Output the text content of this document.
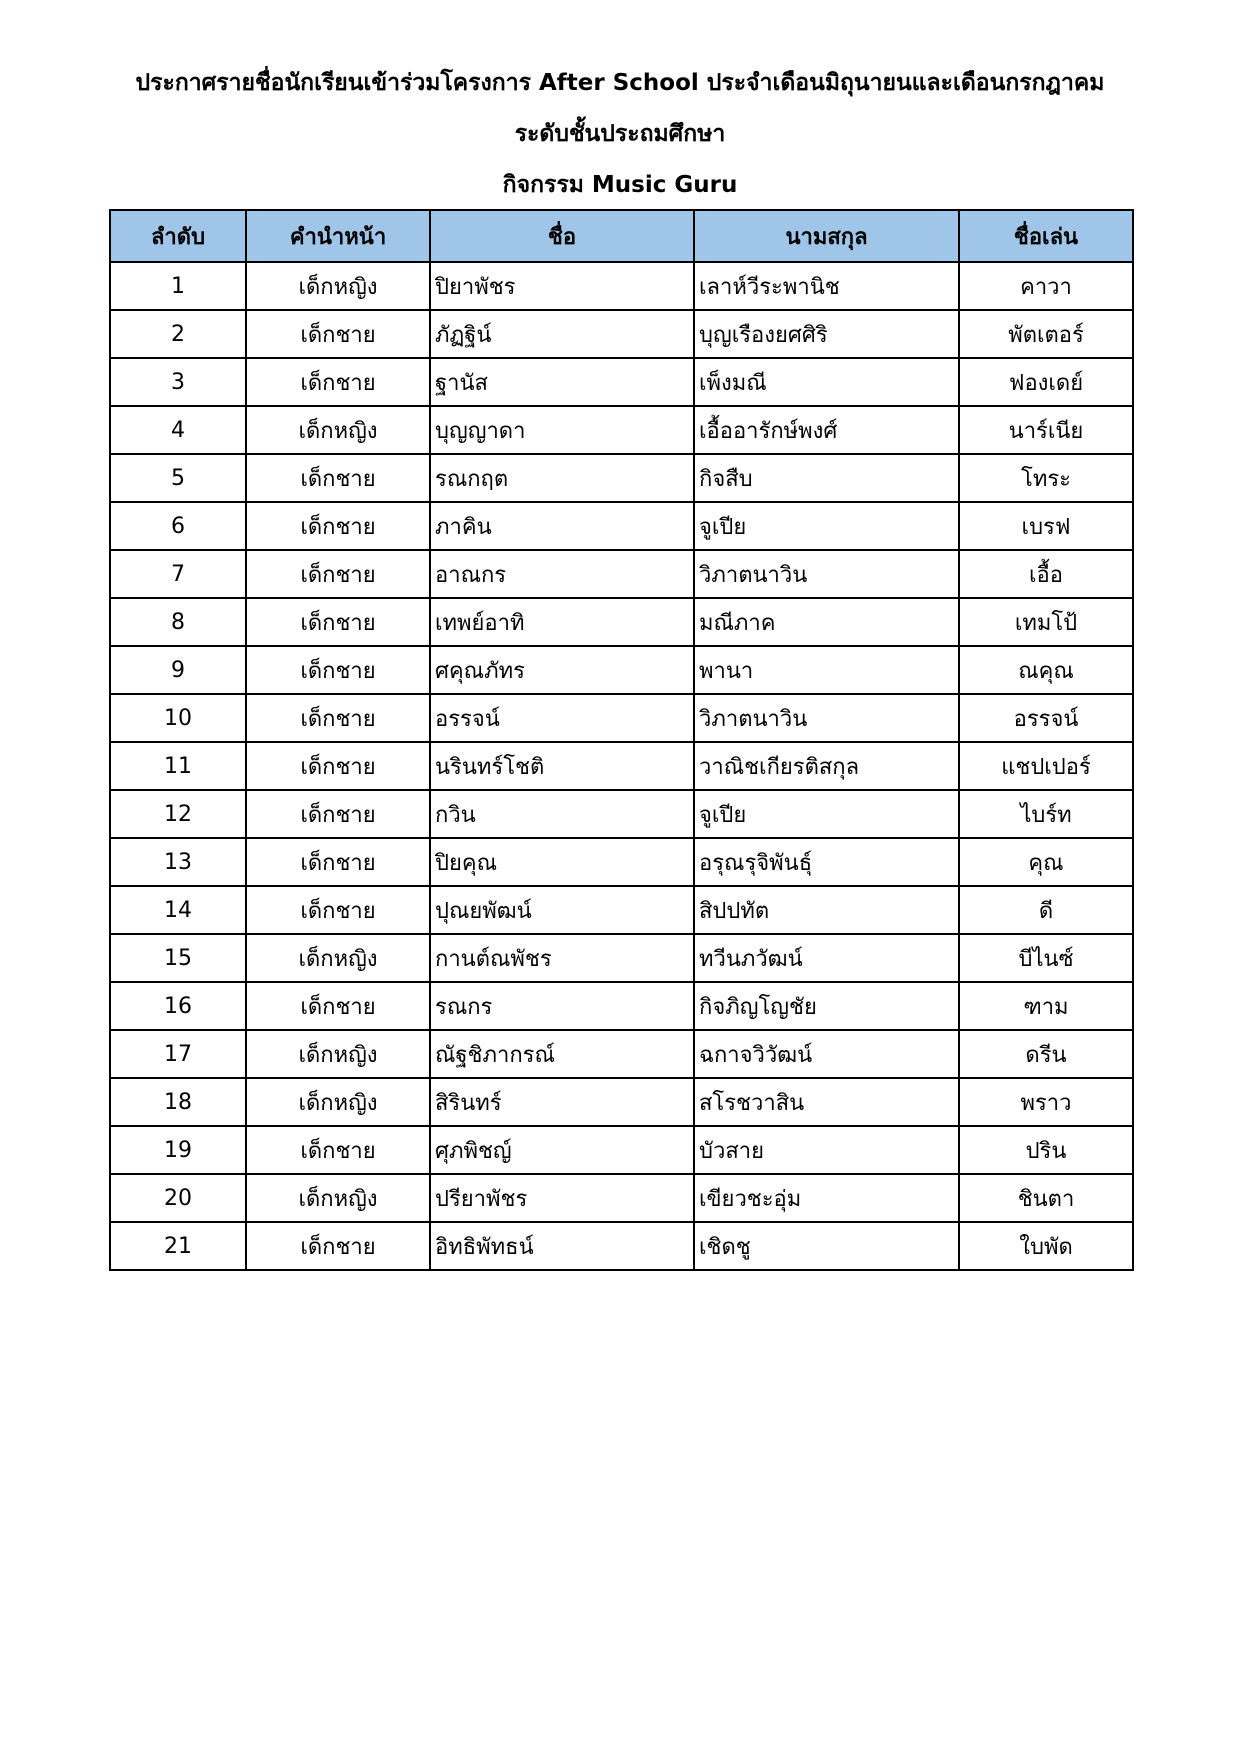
ประกาศรายชื่อนักเรียนเข้าร่วมโครงการ After School ประจำเดือนมิถุนายนและเดือนกรกฎาคม
ระดับชั้นประถมศึกษา
กิจกรรม Music Guru
ลำดับ	คำนำหน้า	ชื่อ	นามสกุล	ชื่อเล่น
1	เด็กหญิง	ปิยาพัชร	เลาห์วีระพานิช	คาวา
2	เด็กชาย	ภัฏฐิน์	บุญเรืองยศศิริ	พัตเตอร์
3	เด็กชาย	ฐานัส	เพ็งมณี	ฟองเดย์
4	เด็กหญิง	บุญญาดา	เอื้ออารักษ์พงศ์	นาร์เนีย
5	เด็กชาย	รณกฤต	กิจสืบ	โทระ
6	เด็กชาย	ภาคิน	จูเปีย	เบรฟ
7	เด็กชาย	อาณกร	วิภาตนาวิน	เอื้อ
8	เด็กชาย	เทพย์อาทิ	มณีภาค	เทมโป้
9	เด็กชาย	ศคุณภัทร	พานา	ณคุณ
10	เด็กชาย	อรรจน์	วิภาตนาวิน	อรรจน์
11	เด็กชาย	นรินทร์โชติ	วาณิชเกียรติสกุล	แชปเปอร์
12	เด็กชาย	กวิน	จูเปีย	ไบร์ท
13	เด็กชาย	ปิยคุณ	อรุณรุจิพันธุ์	คุณ
14	เด็กชาย	ปุณยพัฒน์	สิปปทัต	ดี
15	เด็กหญิง	กานต์ณพัชร	ทวีนภวัฒน์	บีไนซ์
16	เด็กชาย	รณกร	กิจภิญโญชัย	ฑาม
17	เด็กหญิง	ณัฐชิภากรณ์	ฉกาจวิวัฒน์	ดรีน
18	เด็กหญิง	สิรินทร์	สโรชวาสิน	พราว
19	เด็กชาย	ศุภพิชญ์	บัวสาย	ปริน
20	เด็กหญิง	ปรียาพัชร	เขียวชะอุ่ม	ชินตา
21	เด็กชาย	อิทธิพัทธน์	เชิดชู	ใบพัด
